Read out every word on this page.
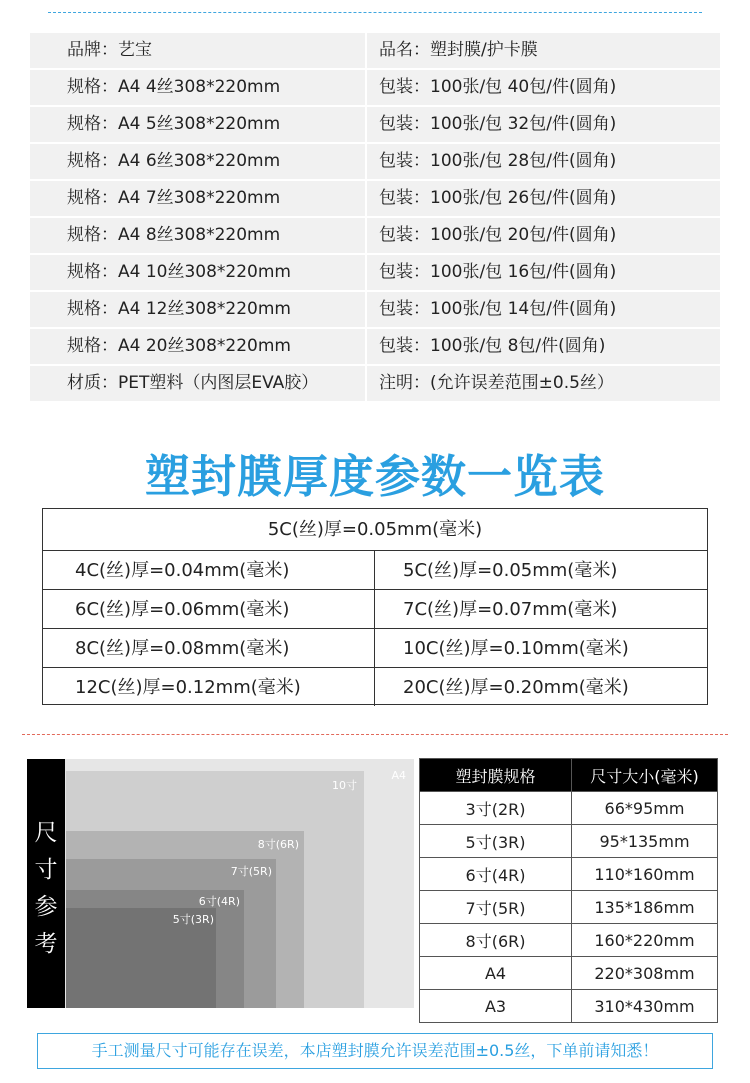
品牌：艺宝	品名：塑封膜/护卡膜
规格：A4 4丝308*220mm	包装：100张/包 40包/件(圆角)
规格：A4 5丝308*220mm	包装：100张/包 32包/件(圆角)
规格：A4 6丝308*220mm	包装：100张/包 28包/件(圆角)
规格：A4 7丝308*220mm	包装：100张/包 26包/件(圆角)
规格：A4 8丝308*220mm	包装：100张/包 20包/件(圆角)
规格：A4 10丝308*220mm	包装：100张/包 16包/件(圆角)
规格：A4 12丝308*220mm	包装：100张/包 14包/件(圆角)
规格：A4 20丝308*220mm	包装：100张/包 8包/件(圆角)
材质：PET塑料（内图层EVA胶）	注明：(允许误差范围±0.5丝）
塑封膜厚度参数一览表
5C(丝)厚=0.05mm(毫米)
4C(丝)厚=0.04mm(毫米)	5C(丝)厚=0.05mm(毫米)
6C(丝)厚=0.06mm(毫米)	7C(丝)厚=0.07mm(毫米)
8C(丝)厚=0.08mm(毫米)	10C(丝)厚=0.10mm(毫米)
12C(丝)厚=0.12mm(毫米)	20C(丝)厚=0.20mm(毫米)
A4
10寸
8寸(6R)
7寸(5R)
6寸(4R)
5寸(3R)
尺
寸
参
考
塑封膜规格	尺寸大小(毫米)
3寸(2R)	66*95mm
5寸(3R)	95*135mm
6寸(4R)	110*160mm
7寸(5R)	135*186mm
8寸(6R)	160*220mm
A4	220*308mm
A3	310*430mm
手工测量尺寸可能存在误差，本店塑封膜允许误差范围±0.5丝，下单前请知悉！
